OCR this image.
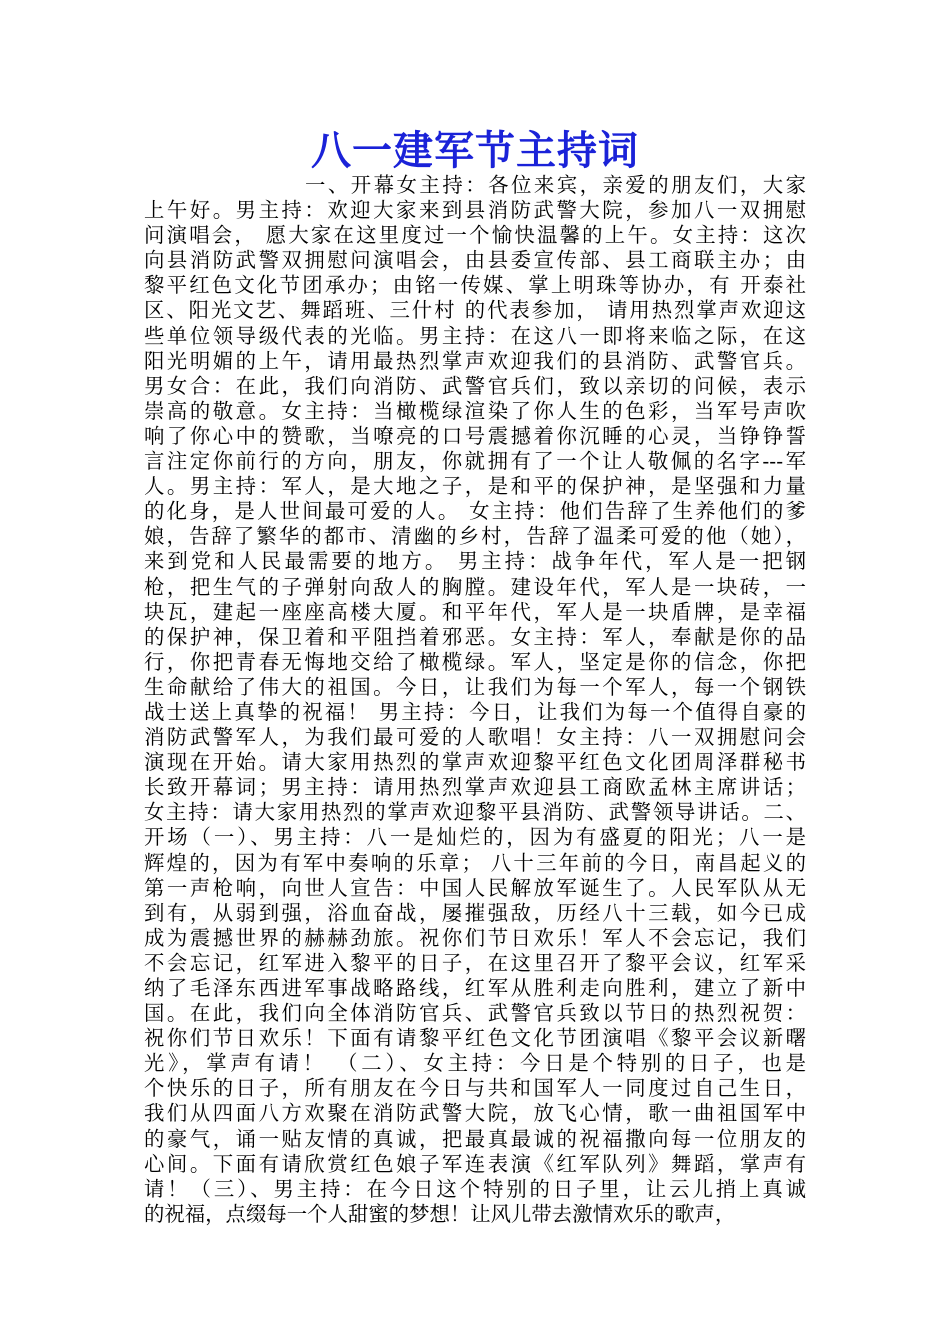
八一建军节主持词
一、开幕女主持：各位来宾，亲爱的朋友们，大家
上午好。男主持：欢迎大家来到县消防武警大院，参加八一双拥慰
问演唱会， 愿大家在这里度过一个愉快温馨的上午。女主持：这次
向县消防武警双拥慰问演唱会，由县委宣传部、县工商联主办；由
黎平红色文化节团承办；由铭一传媒、掌上明珠等协办，有 开泰社
区、阳光文艺、舞蹈班、三什村 的代表参加， 请用热烈掌声欢迎这
些单位领导级代表的光临。男主持：在这八一即将来临之际，在这
阳光明媚的上午，请用最热烈掌声欢迎我们的县消防、武警官兵。
男女合：在此，我们向消防、武警官兵们，致以亲切的问候，表示
崇高的敬意。女主持：当橄榄绿渲染了你人生的色彩，当军号声吹
响了你心中的赞歌，当嘹亮的口号震撼着你沉睡的心灵，当铮铮誓
言注定你前行的方向，朋友，你就拥有了一个让人敬佩的名字---军
人。男主持：军人，是大地之子，是和平的保护神，是坚强和力量
的化身，是人世间最可爱的人。 女主持：他们告辞了生养他们的爹
娘，告辞了繁华的都市、清幽的乡村，告辞了温柔可爱的他（她），
来到党和人民最需要的地方。 男主持：战争年代，军人是一把钢
枪，把生气的子弹射向敌人的胸膛。建设年代，军人是一块砖，一
块瓦，建起一座座高楼大厦。和平年代，军人是一块盾牌，是幸福
的保护神，保卫着和平阻挡着邪恶。女主持：军人，奉献是你的品
行，你把青春无悔地交给了橄榄绿。军人，坚定是你的信念，你把
生命献给了伟大的祖国。今日，让我们为每一个军人，每一个钢铁
战士送上真挚的祝福！ 男主持：今日，让我们为每一个值得自豪的
消防武警军人，为我们最可爱的人歌唱！女主持：八一双拥慰问会
演现在开始。请大家用热烈的掌声欢迎黎平红色文化团周泽群秘书
长致开幕词；男主持：请用热烈掌声欢迎县工商欧孟林主席讲话；
女主持：请大家用热烈的掌声欢迎黎平县消防、武警领导讲话。二、
开场（一）、男主持：八一是灿烂的，因为有盛夏的阳光；八一是
辉煌的，因为有军中奏响的乐章； 八十三年前的今日，南昌起义的
第一声枪响，向世人宣告：中国人民解放军诞生了。人民军队从无
到有，从弱到强，浴血奋战，屡摧强敌，历经八十三载，如今已成
成为震撼世界的赫赫劲旅。祝你们节日欢乐！军人不会忘记，我们
不会忘记，红军进入黎平的日子，在这里召开了黎平会议，红军采
纳了毛泽东西进军事战略路线，红军从胜利走向胜利，建立了新中
国。在此，我们向全体消防官兵、武警官兵致以节日的热烈祝贺：
祝你们节日欢乐！下面有请黎平红色文化节团演唱《黎平会议新曙
光》，掌声有请！ （二）、女主持：今日是个特别的日子，也是
个快乐的日子，所有朋友在今日与共和国军人一同度过自己生日，
我们从四面八方欢聚在消防武警大院，放飞心情，歌一曲祖国军中
的豪气，诵一贴友情的真诚，把最真最诚的祝福撒向每一位朋友的
心间。下面有请欣赏红色娘子军连表演《红军队列》舞蹈，掌声有
请！（三）、男主持：在今日这个特别的日子里，让云儿捎上真诚
的祝福，点缀每一个人甜蜜的梦想！让风儿带去激情欢乐的歌声，
